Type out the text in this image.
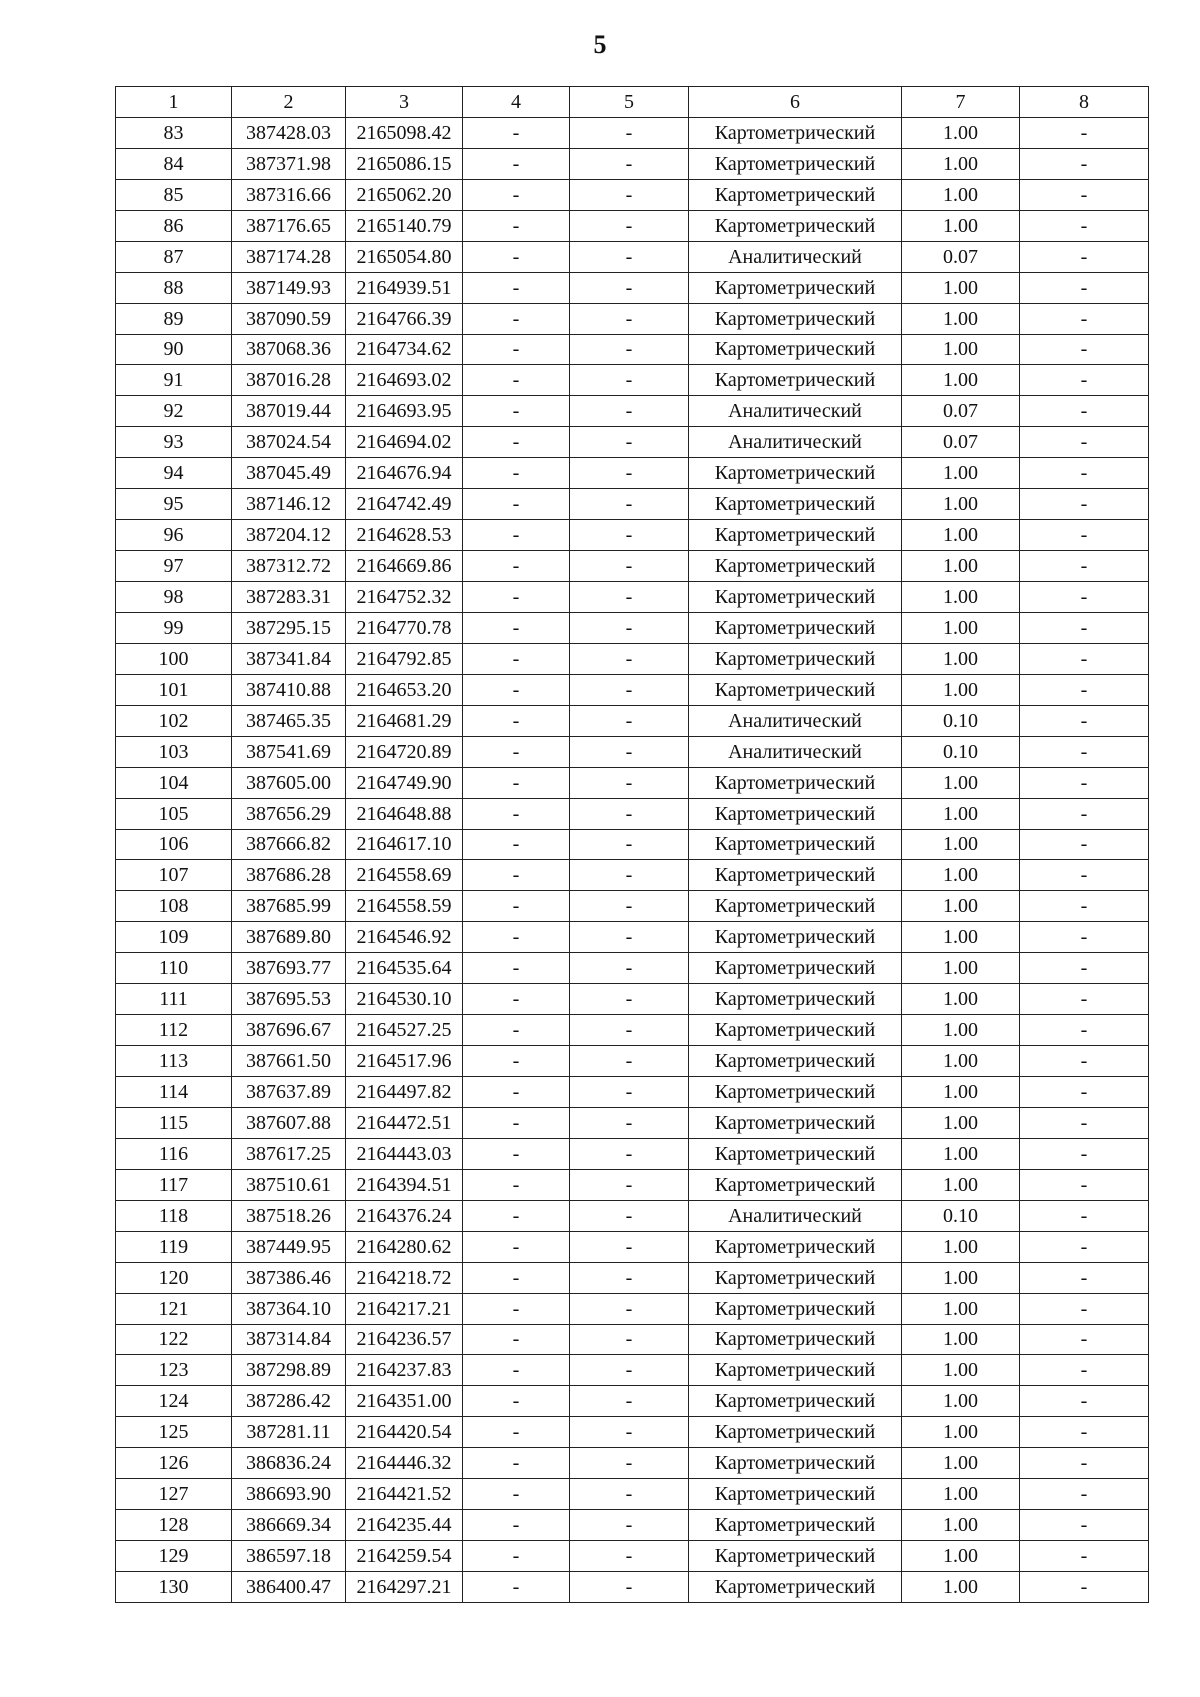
5
1	2	3	4	5	6	7	8
83	387428.03	2165098.42	-	-	Картометрический	1.00	-
84	387371.98	2165086.15	-	-	Картометрический	1.00	-
85	387316.66	2165062.20	-	-	Картометрический	1.00	-
86	387176.65	2165140.79	-	-	Картометрический	1.00	-
87	387174.28	2165054.80	-	-	Аналитический	0.07	-
88	387149.93	2164939.51	-	-	Картометрический	1.00	-
89	387090.59	2164766.39	-	-	Картометрический	1.00	-
90	387068.36	2164734.62	-	-	Картометрический	1.00	-
91	387016.28	2164693.02	-	-	Картометрический	1.00	-
92	387019.44	2164693.95	-	-	Аналитический	0.07	-
93	387024.54	2164694.02	-	-	Аналитический	0.07	-
94	387045.49	2164676.94	-	-	Картометрический	1.00	-
95	387146.12	2164742.49	-	-	Картометрический	1.00	-
96	387204.12	2164628.53	-	-	Картометрический	1.00	-
97	387312.72	2164669.86	-	-	Картометрический	1.00	-
98	387283.31	2164752.32	-	-	Картометрический	1.00	-
99	387295.15	2164770.78	-	-	Картометрический	1.00	-
100	387341.84	2164792.85	-	-	Картометрический	1.00	-
101	387410.88	2164653.20	-	-	Картометрический	1.00	-
102	387465.35	2164681.29	-	-	Аналитический	0.10	-
103	387541.69	2164720.89	-	-	Аналитический	0.10	-
104	387605.00	2164749.90	-	-	Картометрический	1.00	-
105	387656.29	2164648.88	-	-	Картометрический	1.00	-
106	387666.82	2164617.10	-	-	Картометрический	1.00	-
107	387686.28	2164558.69	-	-	Картометрический	1.00	-
108	387685.99	2164558.59	-	-	Картометрический	1.00	-
109	387689.80	2164546.92	-	-	Картометрический	1.00	-
110	387693.77	2164535.64	-	-	Картометрический	1.00	-
111	387695.53	2164530.10	-	-	Картометрический	1.00	-
112	387696.67	2164527.25	-	-	Картометрический	1.00	-
113	387661.50	2164517.96	-	-	Картометрический	1.00	-
114	387637.89	2164497.82	-	-	Картометрический	1.00	-
115	387607.88	2164472.51	-	-	Картометрический	1.00	-
116	387617.25	2164443.03	-	-	Картометрический	1.00	-
117	387510.61	2164394.51	-	-	Картометрический	1.00	-
118	387518.26	2164376.24	-	-	Аналитический	0.10	-
119	387449.95	2164280.62	-	-	Картометрический	1.00	-
120	387386.46	2164218.72	-	-	Картометрический	1.00	-
121	387364.10	2164217.21	-	-	Картометрический	1.00	-
122	387314.84	2164236.57	-	-	Картометрический	1.00	-
123	387298.89	2164237.83	-	-	Картометрический	1.00	-
124	387286.42	2164351.00	-	-	Картометрический	1.00	-
125	387281.11	2164420.54	-	-	Картометрический	1.00	-
126	386836.24	2164446.32	-	-	Картометрический	1.00	-
127	386693.90	2164421.52	-	-	Картометрический	1.00	-
128	386669.34	2164235.44	-	-	Картометрический	1.00	-
129	386597.18	2164259.54	-	-	Картометрический	1.00	-
130	386400.47	2164297.21	-	-	Картометрический	1.00	-
